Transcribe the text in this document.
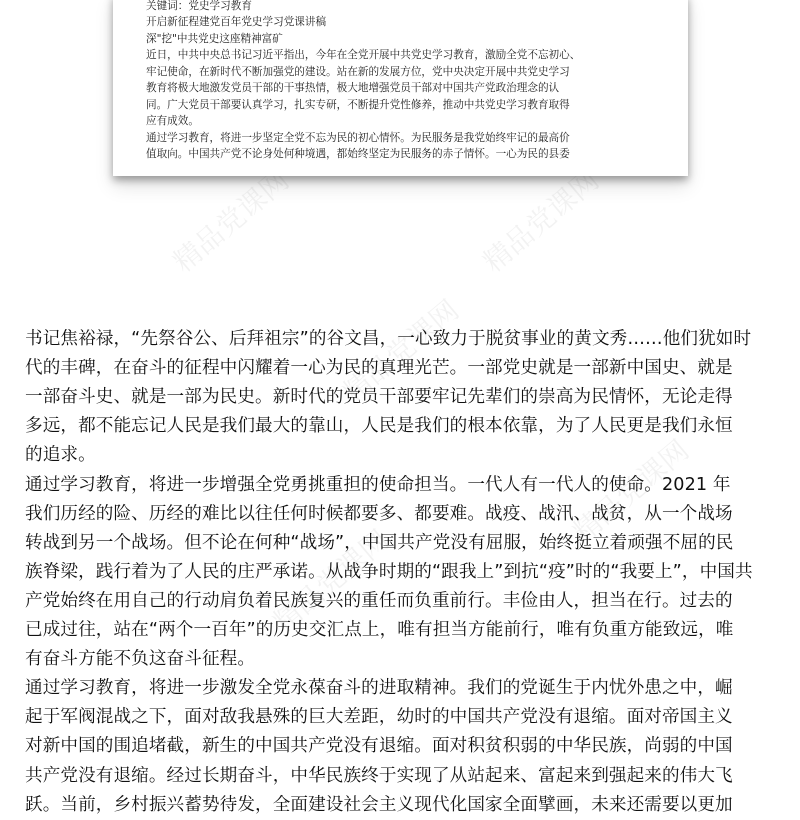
精品党课网	精品党课网
精品党课网
精品党课网
精品党课网
关键词：党史学习教育
开启新征程建党百年党史学习党课讲稿
深"挖"中共党史这座精神富矿
近日，中共中央总书记习近平指出，今年在全党开展中共党史学习教育，激励全党不忘初心、
牢记使命，在新时代不断加强党的建设。站在新的发展方位，党中央决定开展中共党史学习
教育将极大地激发党员干部的干事热情，极大地增强党员干部对中国共产党政治理念的认
同。广大党员干部要认真学习，扎实专研，不断提升党性修养，推动中共党史学习教育取得
应有成效。
通过学习教育，将进一步坚定全党不忘为民的初心情怀。为民服务是我党始终牢记的最高价
值取向。中国共产党不论身处何种境遇，都始终坚定为民服务的赤子情怀。一心为民的县委
书记焦裕禄，“先祭谷公、后拜祖宗”的谷文昌，一心致力于脱贫事业的黄文秀……他们犹如时
代的丰碑，在奋斗的征程中闪耀着一心为民的真理光芒。一部党史就是一部新中国史、就是
一部奋斗史、就是一部为民史。新时代的党员干部要牢记先辈们的崇高为民情怀，无论走得
多远，都不能忘记人民是我们最大的靠山，人民是我们的根本依靠，为了人民更是我们永恒
的追求。
通过学习教育，将进一步增强全党勇挑重担的使命担当。一代人有一代人的使命。2021 年
我们历经的险、历经的难比以往任何时候都要多、都要难。战疫、战汛、战贫，从一个战场
转战到另一个战场。但不论在何种“战场”，中国共产党没有屈服，始终挺立着顽强不屈的民
族脊梁，践行着为了人民的庄严承诺。从战争时期的“跟我上”到抗“疫”时的“我要上”，中国共
产党始终在用自己的行动肩负着民族复兴的重任而负重前行。丰俭由人，担当在行。过去的
已成过往，站在“两个一百年”的历史交汇点上，唯有担当方能前行，唯有负重方能致远，唯
有奋斗方能不负这奋斗征程。
通过学习教育，将进一步激发全党永葆奋斗的进取精神。我们的党诞生于内忧外患之中，崛
起于军阀混战之下，面对敌我悬殊的巨大差距，幼时的中国共产党没有退缩。面对帝国主义
对新中国的围追堵截，新生的中国共产党没有退缩。面对积贫积弱的中华民族，尚弱的中国
共产党没有退缩。经过长期奋斗，中华民族终于实现了从站起来、富起来到强起来的伟大飞
跃。当前，乡村振兴蓄势待发，全面建设社会主义现代化国家全面擘画，未来还需要以更加
